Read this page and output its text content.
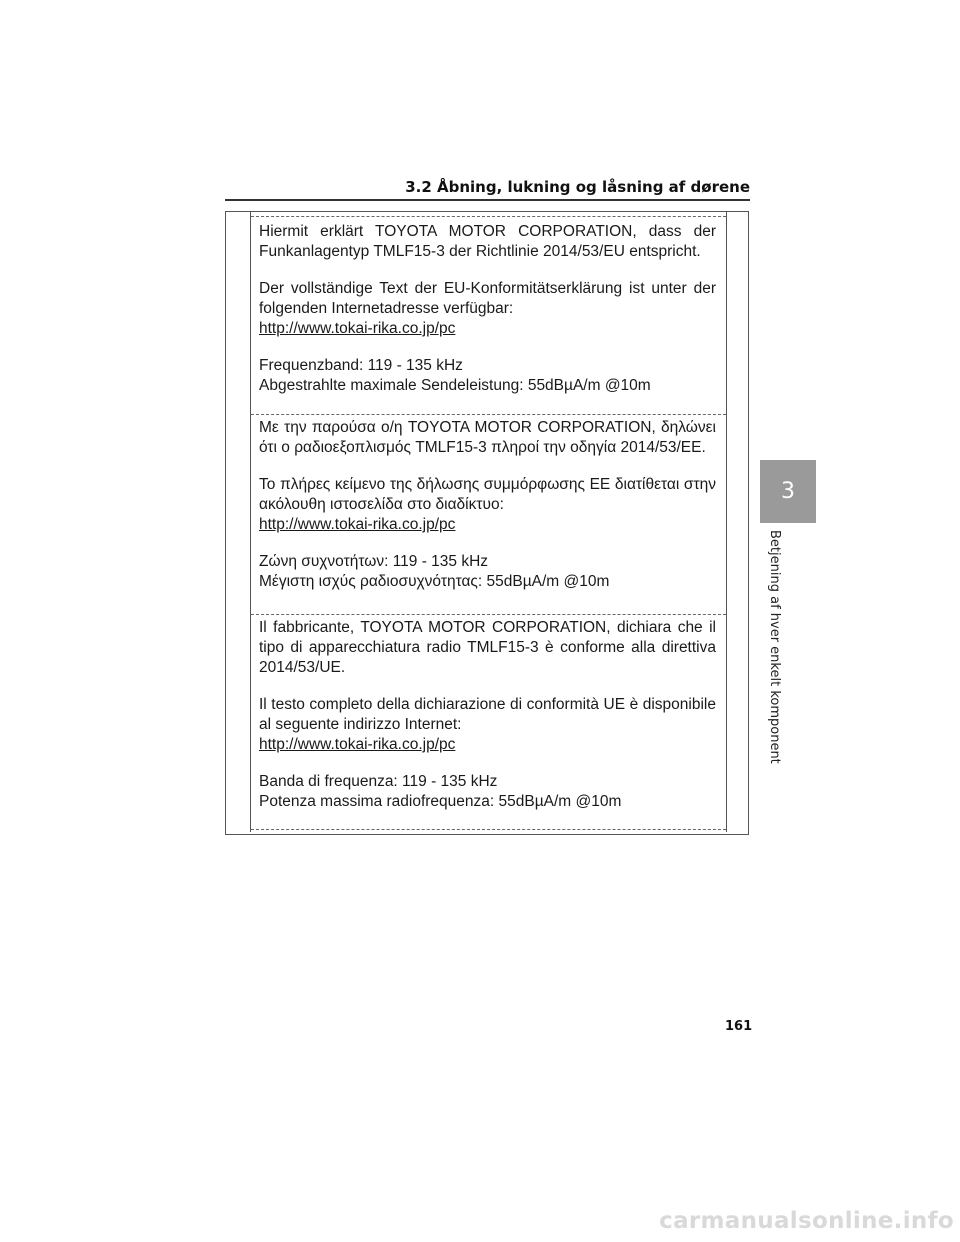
3.2 Åbning, lukning og låsning af dørene

Hiermit erklärt TOYOTA MOTOR CORPORATION, dass der Funkanlagentyp TMLF15-3 der Richtlinie 2014/53/EU entspricht.

Der vollständige Text der EU-Konformitätserklärung ist unter der folgenden Internetadresse verfügbar:

http://www.tokai-rika.co.jp/pc

Frequenzband: 119 - 135 kHz

Abgestrahlte maximale Sendeleistung: 55dBµA/m @10m

Με την παρούσα ο/η TOYOTA MOTOR CORPORATION, δηλώνει ότι ο ραδιοεξοπλισμός TMLF15-3 πληροί την οδηγία 2014/53/ΕΕ.

Το πλήρες κείμενο της δήλωσης συμμόρφωσης ΕΕ διατίθεται στην ακόλουθη ιστοσελίδα στο διαδίκτυο:

http://www.tokai-rika.co.jp/pc

Ζώνη συχνοτήτων: 119 - 135 kHz

Μέγιστη ισχύς ραδιοσυχνότητας: 55dBµA/m @10m

Il fabbricante, TOYOTA MOTOR CORPORATION, dichiara che il tipo di apparecchiatura radio TMLF15-3 è conforme alla direttiva 2014/53/UE.

Il testo completo della dichiarazione di conformità UE è disponibile al seguente indirizzo Internet:

http://www.tokai-rika.co.jp/pc

Banda di frequenza: 119 - 135 kHz

Potenza massima radiofrequenza: 55dBµA/m @10m

3
Betjening af hver enkelt komponent
161
carmanualsonline.info
